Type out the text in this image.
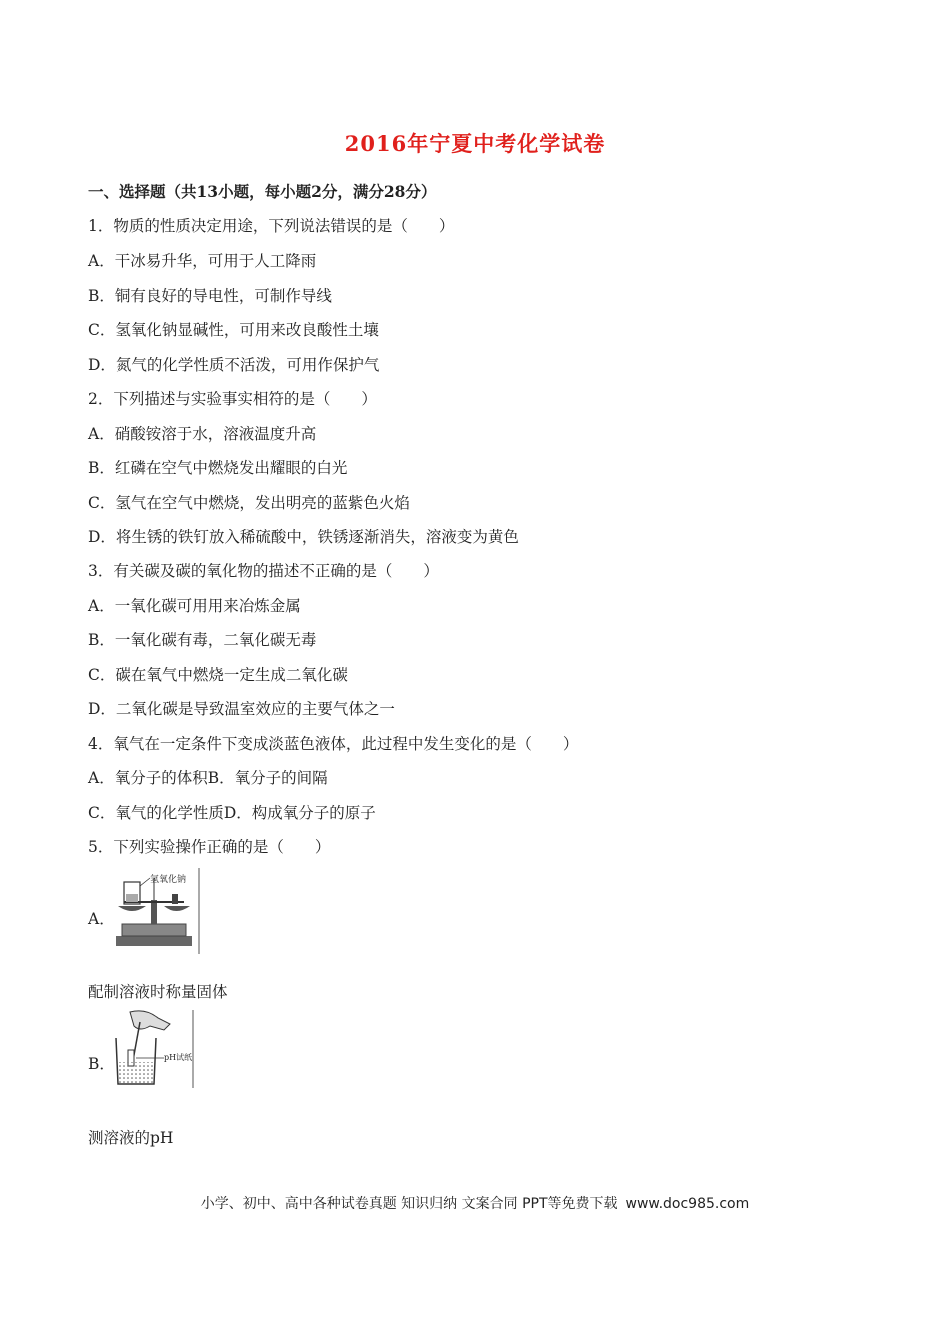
2016年宁夏中考化学试卷
一、选择题（共13小题，每小题2分，满分28分）
1．物质的性质决定用途，下列说法错误的是（　　）
A．干冰易升华，可用于人工降雨
B．铜有良好的导电性，可制作导线
C．氢氧化钠显碱性，可用来改良酸性土壤
D．氮气的化学性质不活泼，可用作保护气
2．下列描述与实验事实相符的是（　　）
A．硝酸铵溶于水，溶液温度升高
B．红磷在空气中燃烧发出耀眼的白光
C．氢气在空气中燃烧，发出明亮的蓝紫色火焰
D．将生锈的铁钉放入稀硫酸中，铁锈逐渐消失，溶液变为黄色
3．有关碳及碳的氧化物的描述不正确的是（　　）
A．一氧化碳可用用来冶炼金属
B．一氧化碳有毒，二氧化碳无毒
C．碳在氧气中燃烧一定生成二氧化碳
D．二氧化碳是导致温室效应的主要气体之一
4．氧气在一定条件下变成淡蓝色液体，此过程中发生变化的是（　　）
A．氧分子的体积B．氧分子的间隔
C．氧气的化学性质D．构成氧分子的原子
5．下列实验操作正确的是（　　）
A．
氢氧化钠
配制溶液时称量固体
B．	pH试纸
测溶液的pH
小学、初中、高中各种试卷真题 知识归纳 文案合同 PPT等免费下载 www.doc985.com
